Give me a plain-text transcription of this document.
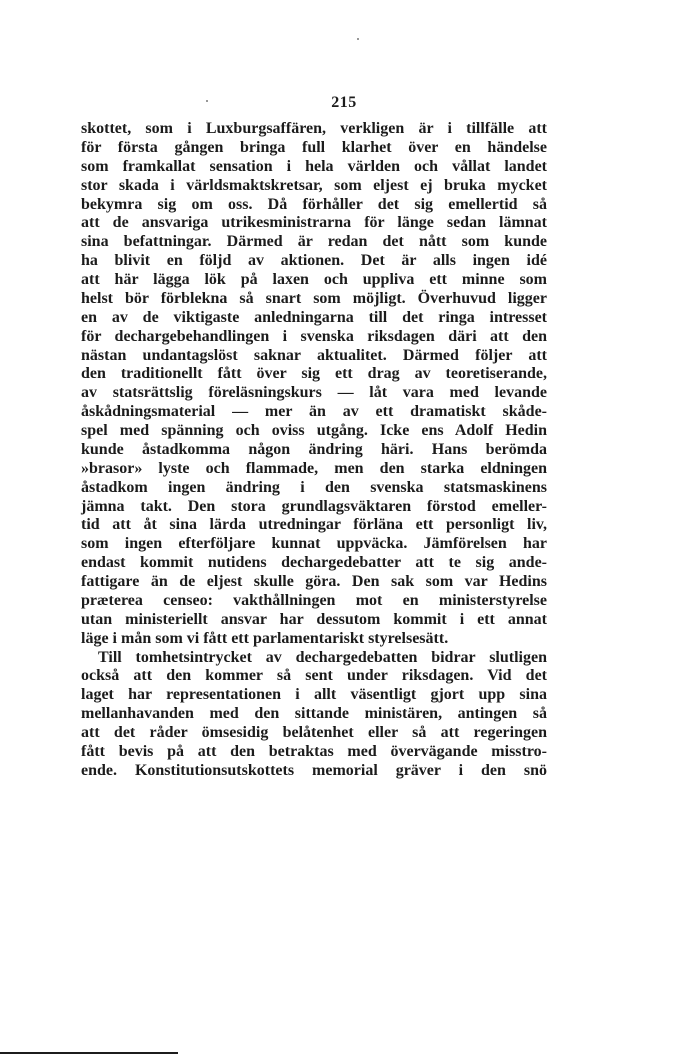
215
skottet, som i Luxburgsaffären, verkligen är i tillfälle att
för första gången bringa full klarhet över en händelse
som framkallat sensation i hela världen och vållat landet
stor skada i världsmaktskretsar, som eljest ej bruka mycket
bekymra sig om oss. Då förhåller det sig emellertid så
att de ansvariga utrikesministrarna för länge sedan lämnat
sina befattningar. Därmed är redan det nått som kunde
ha blivit en följd av aktionen. Det är alls ingen idé
att här lägga lök på laxen och uppliva ett minne som
helst bör förblekna så snart som möjligt. Överhuvud ligger
en av de viktigaste anledningarna till det ringa intresset
för dechargebehandlingen i svenska riksdagen däri att den
nästan undantagslöst saknar aktualitet. Därmed följer att
den traditionellt fått över sig ett drag av teoretiserande,
av statsrättslig föreläsningskurs — låt vara med levande
åskådningsmaterial — mer än av ett dramatiskt skåde-
spel med spänning och oviss utgång. Icke ens Adolf Hedin
kunde åstadkomma någon ändring häri. Hans berömda
»brasor» lyste och flammade, men den starka eldningen
åstadkom ingen ändring i den svenska statsmaskinens
jämna takt. Den stora grundlagsväktaren förstod emeller-
tid att åt sina lärda utredningar förläna ett personligt liv,
som ingen efterföljare kunnat uppväcka. Jämförelsen har
endast kommit nutidens dechargedebatter att te sig ande-
fattigare än de eljest skulle göra. Den sak som var Hedins
præterea censeo: vakthållningen mot en ministerstyrelse
utan ministeriellt ansvar har dessutom kommit i ett annat
läge i mån som vi fått ett parlamentariskt styrelsesätt.
Till tomhetsintrycket av dechargedebatten bidrar slutligen
också att den kommer så sent under riksdagen. Vid det
laget har representationen i allt väsentligt gjort upp sina
mellanhavanden med den sittande ministären, antingen så
att det råder ömsesidig belåtenhet eller så att regeringen
fått bevis på att den betraktas med övervägande misstro-
ende. Konstitutionsutskottets memorial gräver i den snö
